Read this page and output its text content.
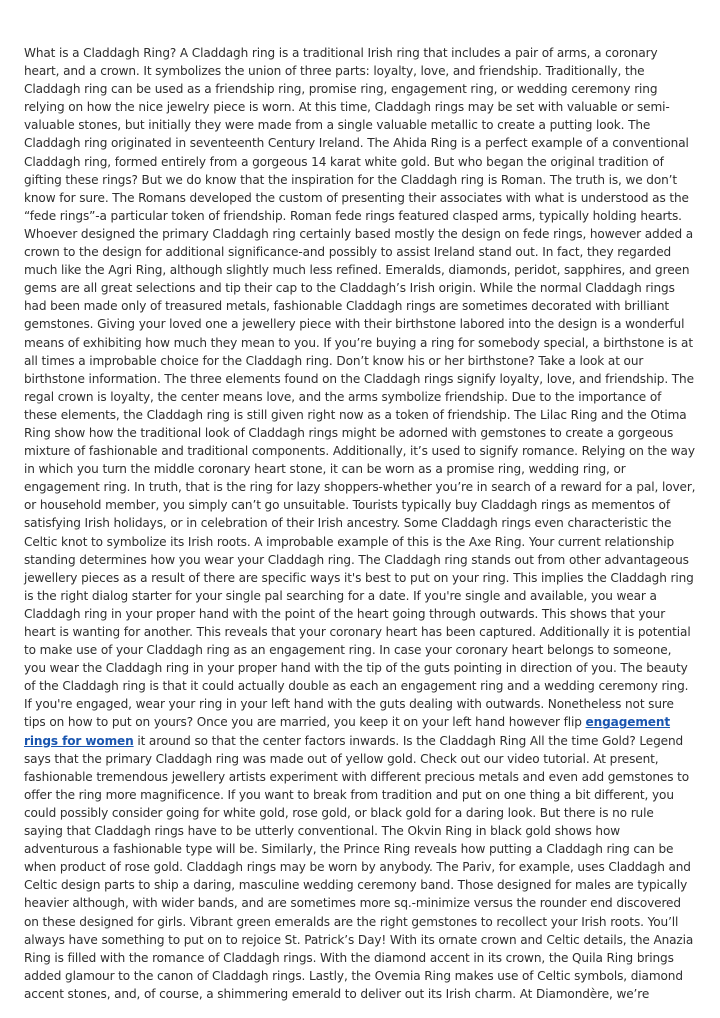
What is a Claddagh Ring? A Claddagh ring is a traditional Irish ring that includes a pair of arms, a coronary heart, and a crown. It symbolizes the union of three parts: loyalty, love, and friendship. Traditionally, the Claddagh ring can be used as a friendship ring, promise ring, engagement ring, or wedding ceremony ring relying on how the nice jewelry piece is worn. At this time, Claddagh rings may be set with valuable or semi-valuable stones, but initially they were made from a single valuable metallic to create a putting look. The Claddagh ring originated in seventeenth Century Ireland. The Ahida Ring is a perfect example of a conventional Claddagh ring, formed entirely from a gorgeous 14 karat white gold. But who began the original tradition of gifting these rings? But we do know that the inspiration for the Claddagh ring is Roman. The truth is, we don’t know for sure. The Romans developed the custom of presenting their associates with what is understood as the “fede rings”-a particular token of friendship. Roman fede rings featured clasped arms, typically holding hearts. Whoever designed the primary Claddagh ring certainly based mostly the design on fede rings, however added a crown to the design for additional significance-and possibly to assist Ireland stand out. In fact, they regarded much like the Agri Ring, although slightly much less refined. Emeralds, diamonds, peridot, sapphires, and green gems are all great selections and tip their cap to the Claddagh’s Irish origin. While the normal Claddagh rings had been made only of treasured metals, fashionable Claddagh rings are sometimes decorated with brilliant gemstones. Giving your loved one a jewellery piece with their birthstone labored into the design is a wonderful means of exhibiting how much they mean to you. If you’re buying a ring for somebody special, a birthstone is at all times a improbable choice for the Claddagh ring. Don’t know his or her birthstone? Take a look at our birthstone information. The three elements found on the Claddagh rings signify loyalty, love, and friendship. The regal crown is loyalty, the center means love, and the arms symbolize friendship. Due to the importance of these elements, the Claddagh ring is still given right now as a token of friendship. The Lilac Ring and the Otima Ring show how the traditional look of Claddagh rings might be adorned with gemstones to create a gorgeous mixture of fashionable and traditional components. Additionally, it’s used to signify romance. Relying on the way in which you turn the middle coronary heart stone, it can be worn as a promise ring, wedding ring, or engagement ring. In truth, that is the ring for lazy shoppers-whether you’re in search of a reward for a pal, lover, or household member, you simply can’t go unsuitable. Tourists typically buy Claddagh rings as mementos of satisfying Irish holidays, or in celebration of their Irish ancestry. Some Claddagh rings even characteristic the Celtic knot to symbolize its Irish roots. A improbable example of this is the Axe Ring. Your current relationship standing determines how you wear your Claddagh ring. The Claddagh ring stands out from other advantageous jewellery pieces as a result of there are specific ways it's best to put on your ring. This implies the Claddagh ring is the right dialog starter for your single pal searching for a date. If you're single and available, you wear a Claddagh ring in your proper hand with the point of the heart going through outwards. This shows that your heart is wanting for another. This reveals that your coronary heart has been captured. Additionally it is potential to make use of your Claddagh ring as an engagement ring. In case your coronary heart belongs to someone, you wear the Claddagh ring in your proper hand with the tip of the guts pointing in direction of you. The beauty of the Claddagh ring is that it could actually double as each an engagement ring and a wedding ceremony ring. If you're engaged, wear your ring in your left hand with the guts dealing with outwards. Nonetheless not sure tips on how to put on yours? Once you are married, you keep it on your left hand however flip engagement rings for women it around so that the center factors inwards. Is the Claddagh Ring All the time Gold? Legend says that the primary Claddagh ring was made out of yellow gold. Check out our video tutorial. At present, fashionable tremendous jewellery artists experiment with different precious metals and even add gemstones to offer the ring more magnificence. If you want to break from tradition and put on one thing a bit different, you could possibly consider going for white gold, rose gold, or black gold for a daring look. But there is no rule saying that Claddagh rings have to be utterly conventional. The Okvin Ring in black gold shows how adventurous a fashionable type will be. Similarly, the Prince Ring reveals how putting a Claddagh ring can be when product of rose gold. Claddagh rings may be worn by anybody. The Pariv, for example, uses Claddagh and Celtic design parts to ship a daring, masculine wedding ceremony band. Those designed for males are typically heavier although, with wider bands, and are sometimes more sq.-minimize versus the rounder end discovered on these designed for girls. Vibrant green emeralds are the right gemstones to recollect your Irish roots. You’ll always have something to put on to rejoice St. Patrick’s Day! With its ornate crown and Celtic details, the Anazia Ring is filled with the romance of Claddagh rings. With the diamond accent in its crown, the Quila Ring brings added glamour to the canon of Claddagh rings. Lastly, the Ovemia Ring makes use of Celtic symbols, diamond accent stones, and, of course, a shimmering emerald to deliver out its Irish charm. At Diamondère, we’re
